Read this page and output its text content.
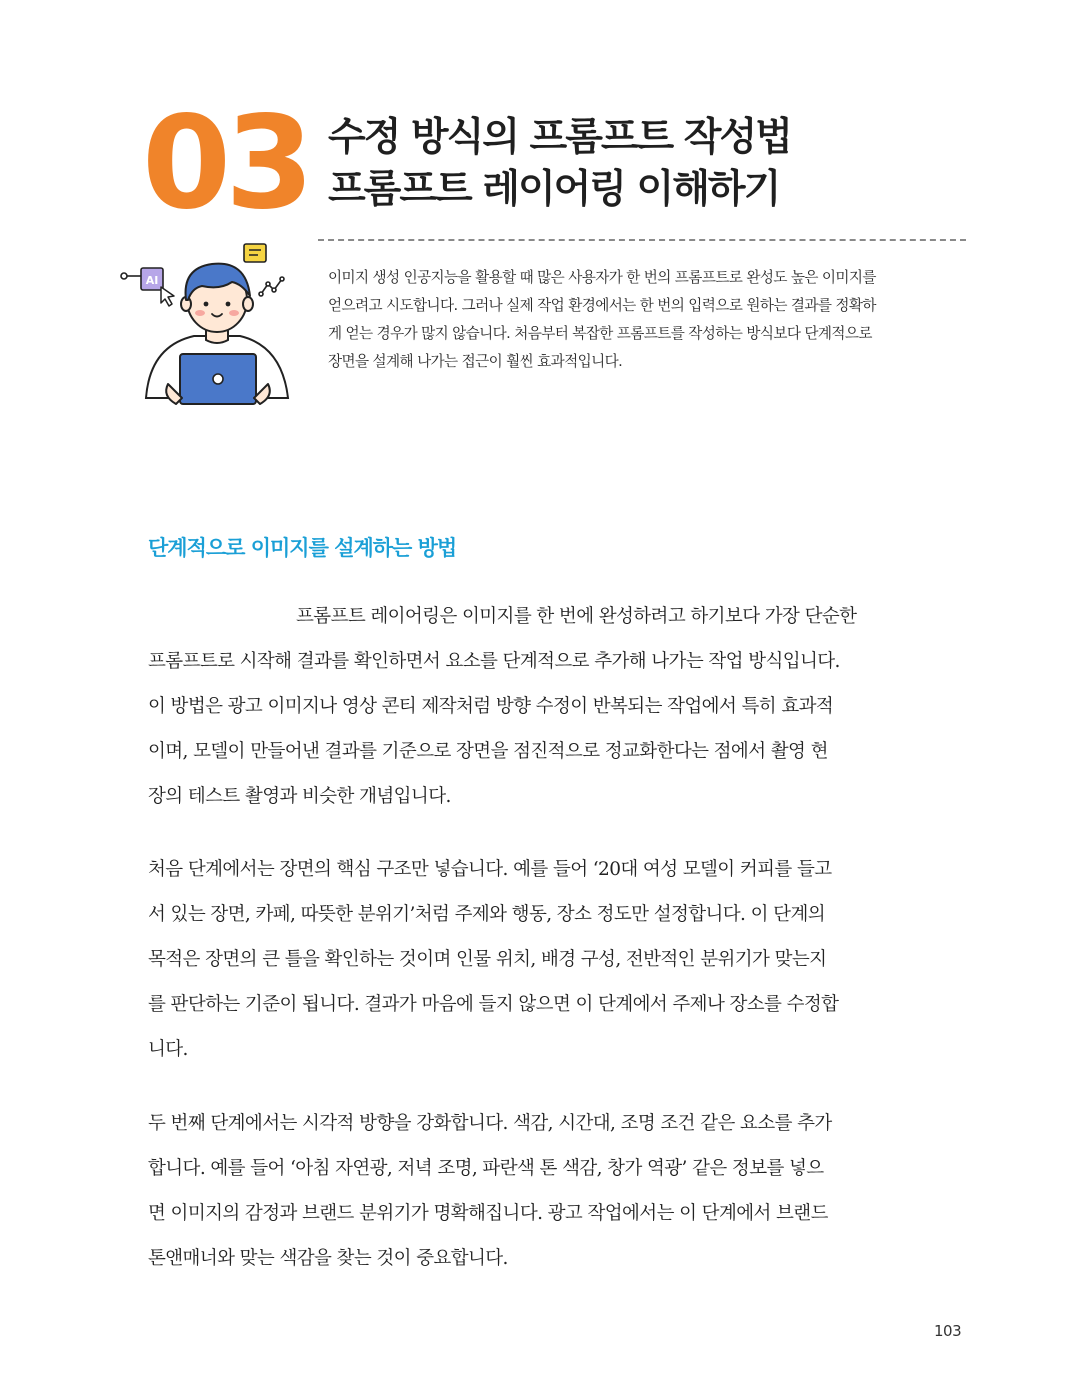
03 수정 방식의 프롬프트 작성법
프롬프트 레이어링 이해하기
AI	이미지 생성 인공지능을 활용할 때 많은 사용자가 한 번의 프롬프트로 완성도 높은 이미지를
얻으려고 시도합니다. 그러나 실제 작업 환경에서는 한 번의 입력으로 원하는 결과를 정확하
게 얻는 경우가 많지 않습니다. 처음부터 복잡한 프롬프트를 작성하는 방식보다 단계적으로
장면을 설계해 나가는 접근이 훨씬 효과적입니다.

단계적으로 이미지를 설계하는 방법

프롬프트 레이어링은 이미지를 한 번에 완성하려고 하기보다 가장 단순한
프롬프트로 시작해 결과를 확인하면서 요소를 단계적으로 추가해 나가는 작업 방식입니다.
이 방법은 광고 이미지나 영상 콘티 제작처럼 방향 수정이 반복되는 작업에서 특히 효과적
이며, 모델이 만들어낸 결과를 기준으로 장면을 점진적으로 정교화한다는 점에서 촬영 현
장의 테스트 촬영과 비슷한 개념입니다.

처음 단계에서는 장면의 핵심 구조만 넣습니다. 예를 들어 ‘20대 여성 모델이 커피를 들고
서 있는 장면, 카페, 따뜻한 분위기’처럼 주제와 행동, 장소 정도만 설정합니다. 이 단계의
목적은 장면의 큰 틀을 확인하는 것이며 인물 위치, 배경 구성, 전반적인 분위기가 맞는지
를 판단하는 기준이 됩니다. 결과가 마음에 들지 않으면 이 단계에서 주제나 장소를 수정합
니다.

두 번째 단계에서는 시각적 방향을 강화합니다. 색감, 시간대, 조명 조건 같은 요소를 추가
합니다. 예를 들어 ‘아침 자연광, 저녁 조명, 파란색 톤 색감, 창가 역광’ 같은 정보를 넣으
면 이미지의 감정과 브랜드 분위기가 명확해집니다. 광고 작업에서는 이 단계에서 브랜드
톤앤매너와 맞는 색감을 찾는 것이 중요합니다.

103
